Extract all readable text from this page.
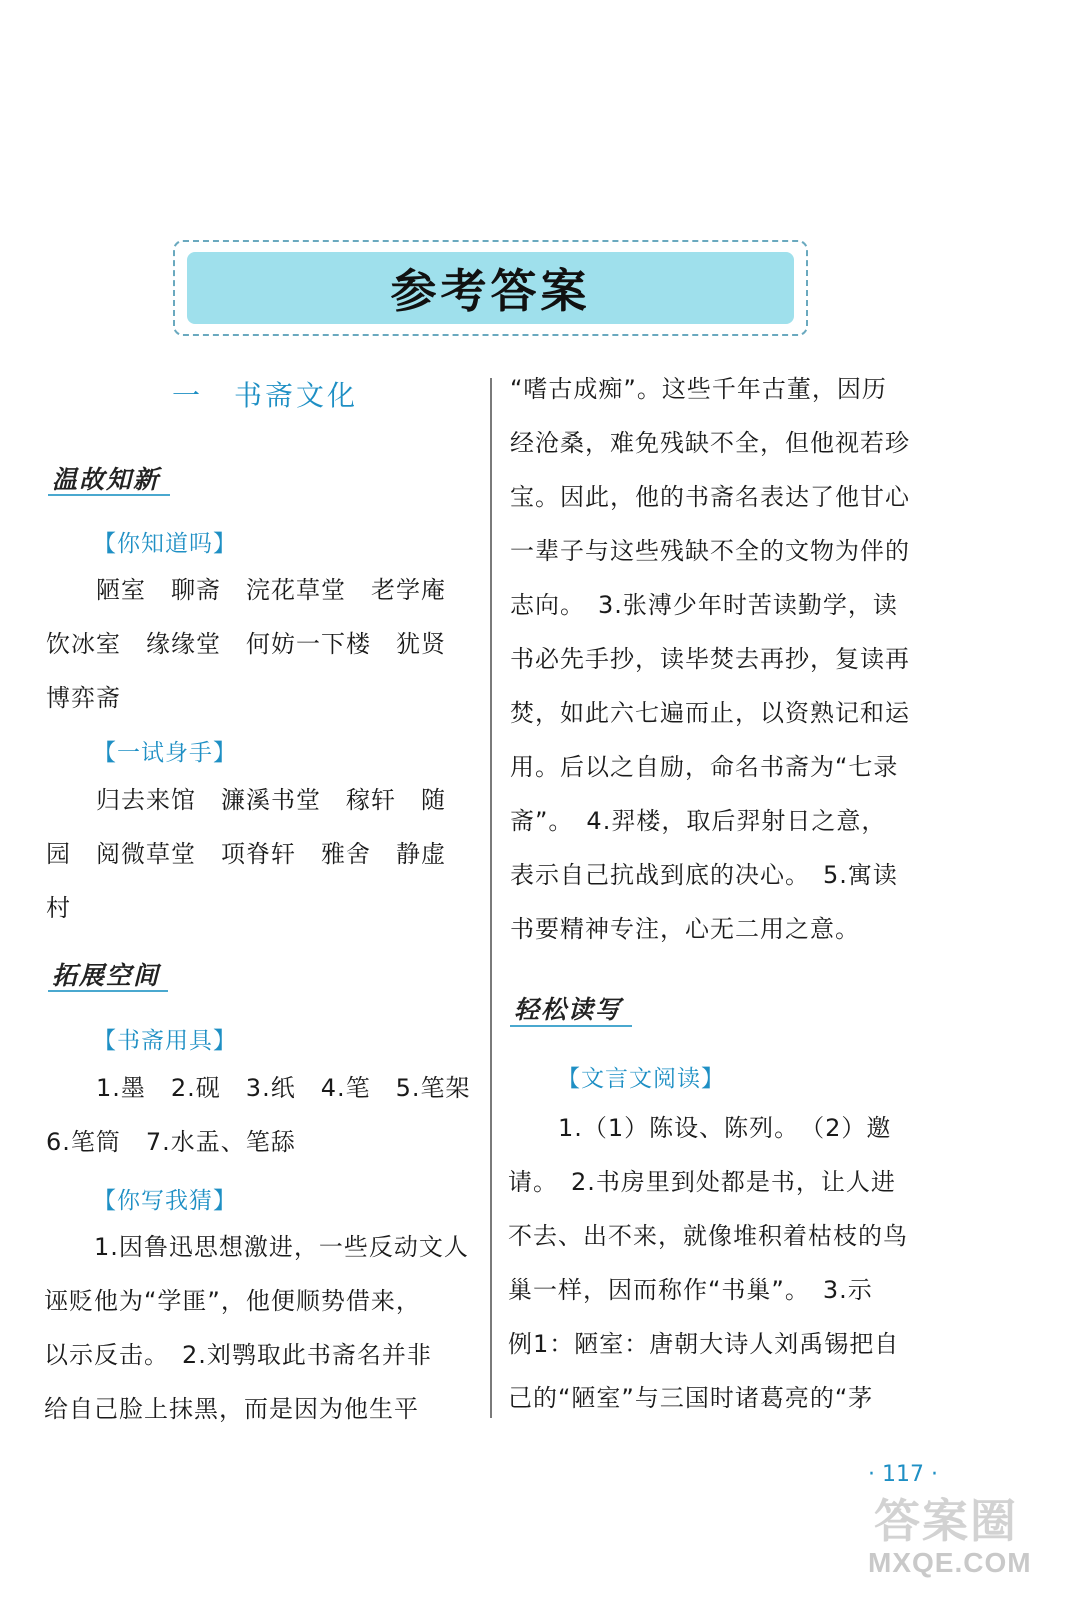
参考答案
一　书斋文化
温故知新
【你知道吗】
　　陋室　聊斋　浣花草堂　老学庵
饮冰室　缘缘堂　何妨一下楼　犹贤
博弈斋
【一试身手】
　　归去来馆　濂溪书堂　稼轩　随
园　阅微草堂　项脊轩　雅舍　静虚
村
拓展空间
【书斋用具】
　　1.墨　2.砚　3.纸　4.笔　5.笔架
6.笔筒　7.水盂、笔舔
【你写我猜】
　　1.因鲁迅思想激进，一些反动文人
诬贬他为“学匪”，他便顺势借来，
以示反击。　2.刘鹗取此书斋名并非
给自己脸上抹黑，而是因为他生平
“嗜古成痴”。这些千年古董，因历
经沧桑，难免残缺不全，但他视若珍
宝。因此，他的书斋名表达了他甘心
一辈子与这些残缺不全的文物为伴的
志向。　3.张溥少年时苦读勤学，读
书必先手抄，读毕焚去再抄，复读再
焚，如此六七遍而止，以资熟记和运
用。后以之自励，命名书斋为“七录
斋”。　4.羿楼，取后羿射日之意，
表示自己抗战到底的决心。　5.寓读
书要精神专注，心无二用之意。
轻松读写
【文言文阅读】
　　1.（1）陈设、陈列。　（2）邀
请。　2.书房里到处都是书，让人进
不去、出不来，就像堆积着枯枝的鸟
巢一样，因而称作“书巢”。　3.示
例1：陋室：唐朝大诗人刘禹锡把自
己的“陋室”与三国时诸葛亮的“茅
· 117 ·
答案圈
MXQE.COM
